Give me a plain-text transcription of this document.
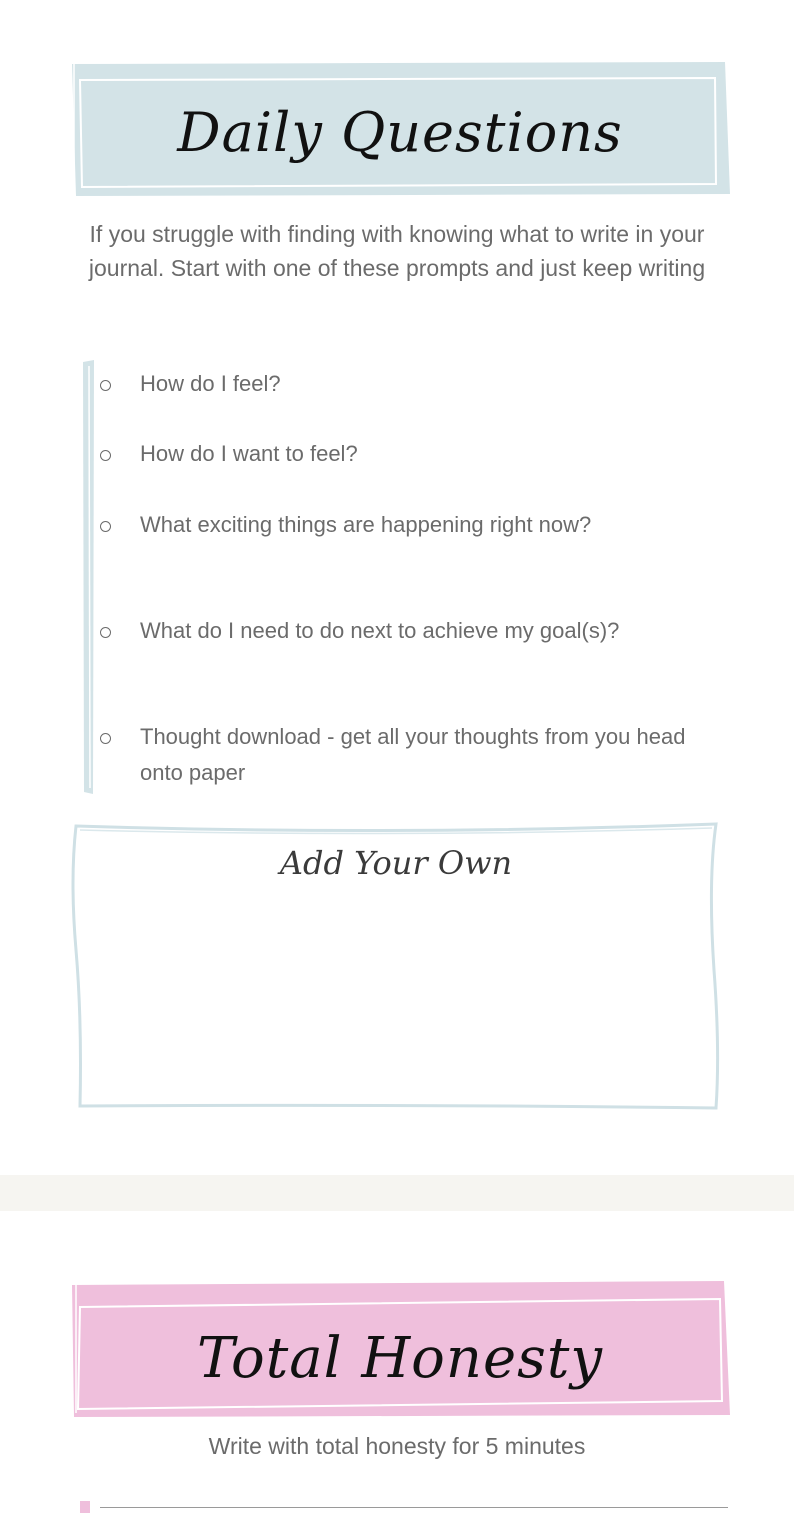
Daily Questions
If you struggle with finding with knowing what to write in your journal. Start with one of these prompts and just keep writing
How do I feel?
How do I want to feel?
What exciting things are happening right now?
What do I need to do next to achieve my goal(s)?
Thought download - get all your thoughts from you head onto paper
Add Your Own
Total Honesty
Write with total honesty for 5 minutes
